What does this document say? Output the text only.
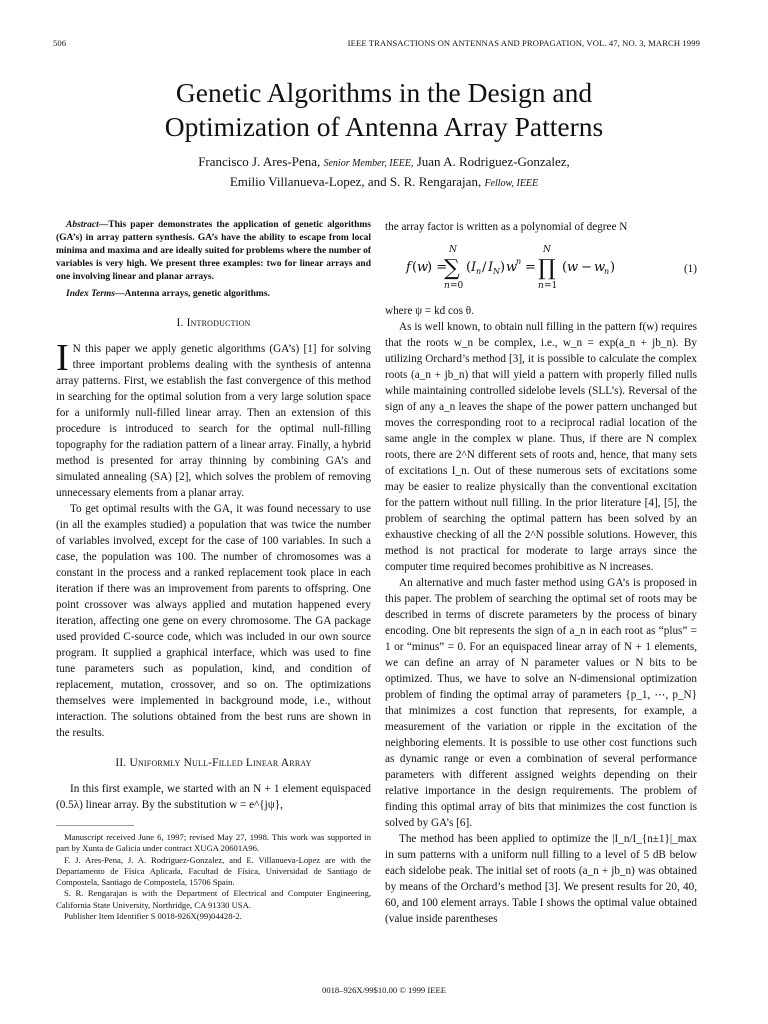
506	IEEE TRANSACTIONS ON ANTENNAS AND PROPAGATION, VOL. 47, NO. 3, MARCH 1999
Genetic Algorithms in the Design and
Optimization of Antenna Array Patterns
Francisco J. Ares-Pena, Senior Member, IEEE, Juan A. Rodriguez-Gonzalez,
Emilio Villanueva-Lopez, and S. R. Rengarajan, Fellow, IEEE

Abstract—This paper demonstrates the application of genetic algorithms (GA’s) in array pattern synthesis. GA’s have the ability to escape from local minima and maxima and are ideally suited for problems where the number of variables is very high. We present three examples: two for linear arrays and one involving linear and planar arrays.

Index Terms—Antenna arrays, genetic algorithms.

I. Introduction

I N this paper we apply genetic algorithms (GA’s) [1] for solving three important problems dealing with the synthesis of antenna array patterns. First, we establish the fast convergence of this method in searching for the optimal solution from a very large solution space for a uniformly null-filled linear array. Then an extension of this procedure is introduced to search for the optimal null-filling topography for the radiation pattern of a linear array. Finally, a hybrid method is presented for array thinning by combining GA’s and simulated annealing (SA) [2], which solves the problem of removing unnecessary elements from a planar array.

To get optimal results with the GA, it was found necessary to use (in all the examples studied) a population that was twice the number of variables involved, except for the case of 100 variables. In such a case, the population was 100. The number of chromosomes was a constant in the process and a ranked replacement took place in each iteration if there was an improvement from parents to offspring. One point crossover was always applied and mutation happened every iteration, affecting one gene on every chromosome. The GA package used provided C-source code, which was included in our own source program. It supplied a graphical interface, which was used to fine tune parameters such as population, kind, and condition of replacement, mutation, crossover, and so on. The optimizations themselves were implemented in background mode, i.e., without interaction. The solutions obtained from the best runs are shown in the results.

II. Uniformly Null-Filled Linear Array

In this first example, we started with an N + 1 element equispaced (0.5λ) linear array. By the substitution w = e^{jψ},

Manuscript received June 6, 1997; revised May 27, 1998. This work was supported in part by Xunta de Galicia under contract XUGA 20601A96.

F. J. Ares-Pena, J. A. Rodriguez-Gonzalez, and E. Villanueva-Lopez are with the Departamento de Física Aplicada, Facultad de Física, Universidad de Santiago de Compostela, Santiago de Compostela, 15706 Spain.

S. R. Rengarajan is with the Department of Electrical and Computer Engineering, California State University, Northridge, CA 91330 USA.

Publisher Item Identifier S 0018-926X(99)04428-2.

the array factor is written as a polynomial of degree N

f ( w
) =
N
∑
n =0
( I n / I N ) w
n =
N
∏
n =1
( w − w
n )	(1)

where ψ = kd cos θ.

As is well known, to obtain null filling in the pattern f(w) requires that the roots w_n be complex, i.e., w_n = exp(a_n + jb_n). By utilizing Orchard’s method [3], it is possible to calculate the complex roots (a_n + jb_n) that will yield a pattern with properly filled nulls while maintaining controlled sidelobe levels (SLL’s). Reversal of the sign of any a_n leaves the shape of the power pattern unchanged but moves the corresponding root to a reciprocal radial location of the same angle in the complex w plane. Thus, if there are N complex roots, there are 2^N different sets of roots and, hence, that many sets of excitations I_n. Out of these numerous sets of excitations some may be easier to realize physically than the conventional excitation for the pattern without null filling. In the prior literature [4], [5], the problem of searching the optimal pattern has been solved by an exhaustive checking of all the 2^N possible solutions. However, this method is not practical for moderate to large arrays since the computer time required becomes prohibitive as N increases.

An alternative and much faster method using GA’s is proposed in this paper. The problem of searching the optimal set of roots may be described in terms of discrete parameters by the process of binary encoding. One bit represents the sign of a_n in each root as “plus” = 1 or “minus” = 0. For an equispaced linear array of N + 1 elements, we can define an array of N parameter values or N bits to be optimized. Thus, we have to solve an N-dimensional optimization problem of finding the optimal array of parameters {p_1, ⋯, p_N} that minimizes a cost function that represents, for example, a measurement of the variation or ripple in the excitation of the neighboring elements. It is possible to use other cost functions such as dynamic range or even a combination of several performance parameters with different assigned weights depending on their relative importance in the design requirements. The problem of finding this optimal array of bits that minimizes the cost function is solved by GA’s [6].

The method has been applied to optimize the |I_n/I_{n±1}|_max in sum patterns with a uniform null filling to a level of 5 dB below each sidelobe peak. The initial set of roots (a_n + jb_n) was obtained by means of the Orchard’s method [3]. We present results for 20, 40, 60, and 100 element arrays. Table I shows the optimal value obtained (value inside parentheses

0018–926X/99$10.00 © 1999 IEEE
